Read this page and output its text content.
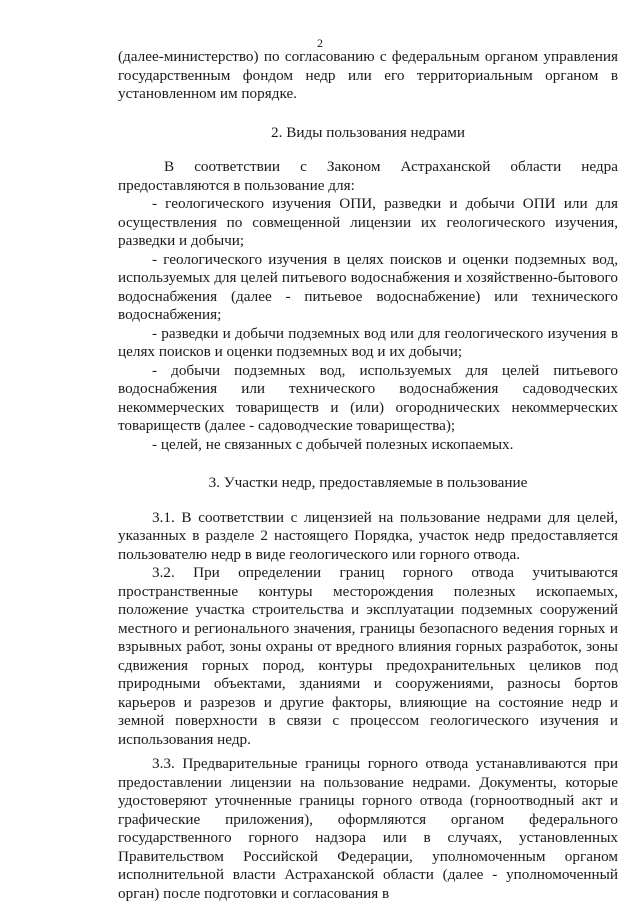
2

(далее-министерство) по согласованию с федеральным органом управления государственным фондом недр или его территориальным органом в установленном им порядке.

2. Виды пользования недрами

В соответствии с Законом Астраханской области недра предоставляются в пользование для:

- геологического изучения ОПИ, разведки и добычи ОПИ или для осуществления по совмещенной лицензии их геологического изучения, разведки и добычи;

- геологического изучения в целях поисков и оценки подземных вод, используемых для целей питьевого водоснабжения и хозяйственно-бытового водоснабжения (далее - питьевое водоснабжение) или технического водоснабжения;

- разведки и добычи подземных вод или для геологического изучения в целях поисков и оценки подземных вод и их добычи;

- добычи подземных вод, используемых для целей питьевого водоснабжения или технического водоснабжения садоводческих некоммерческих товариществ и (или) огороднических некоммерческих товариществ (далее - садоводческие товарищества);

- целей, не связанных с добычей полезных ископаемых.

3. Участки недр, предоставляемые в пользование

3.1. В соответствии с лицензией на пользование недрами для целей, указанных в разделе 2 настоящего Порядка, участок недр предоставляется пользователю недр в виде геологического или горного отвода.

3.2. При определении границ горного отвода учитываются пространственные контуры месторождения полезных ископаемых, положение участка строительства и эксплуатации подземных сооружений местного и регионального значения, границы безопасного ведения горных и взрывных работ, зоны охраны от вредного влияния горных разработок, зоны сдвижения горных пород, контуры предохранительных целиков под природными объектами, зданиями и сооружениями, разносы бортов карьеров и разрезов и другие факторы, влияющие на состояние недр и земной поверхности в связи с процессом геологического изучения и использования недр.

3.3. Предварительные границы горного отвода устанавливаются при предоставлении лицензии на пользование недрами. Документы, которые удостоверяют уточненные границы горного отвода (горноотводный акт и графические приложения), оформляются органом федерального государственного горного надзора или в случаях, установленных Правительством Российской Федерации, уполномоченным органом исполнительной власти Астраханской области (далее - уполномоченный орган) после подготовки и согласования в
